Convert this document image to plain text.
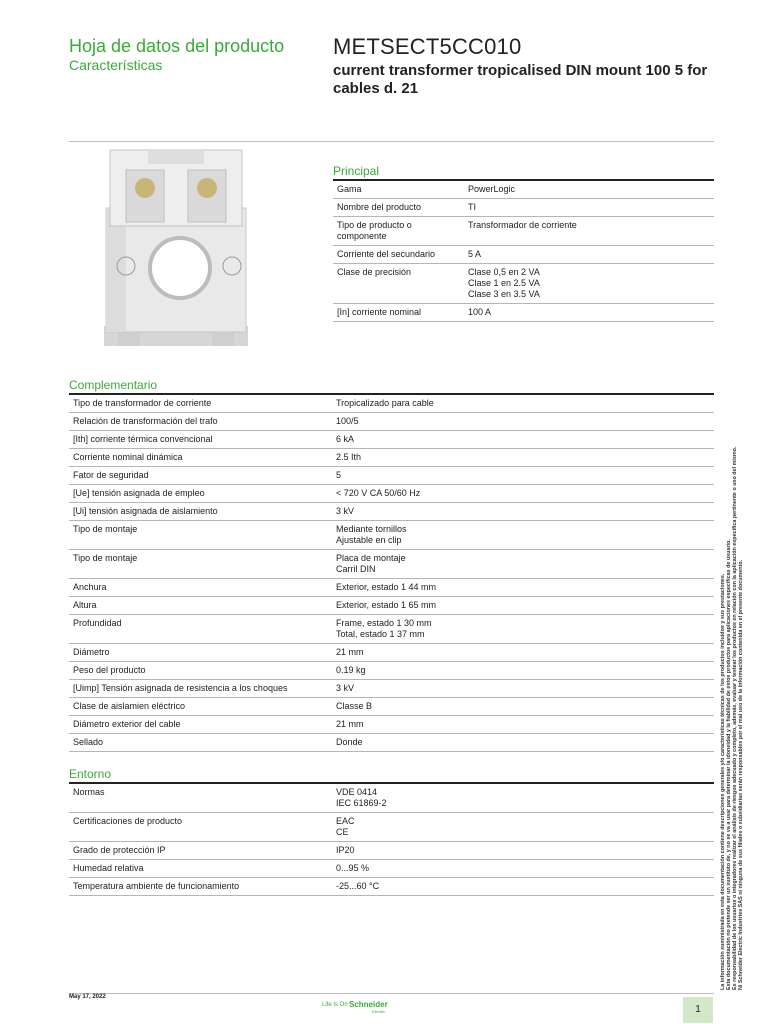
Hoja de datos del producto
Características
METSECT5CC010
current transformer tropicalised DIN mount 100 5 for cables d. 21
Principal
Gama	PowerLogic

Nombre del producto	TI

Tipo de producto o componente	Transformador de corriente

Corriente del secundario	5 A

Clase de precisión	Clase 0,5 en 2 VA
Clase 1 en 2.5 VA
Clase 3 en 3.5 VA

[In] corriente nominal	100 A
Complementario
Tipo de transformador de corriente	Tropicalizado para cable

Relación de transformación del trafo	100/5

[Ith] corriente térmica convencional	6 kA

Corriente nominal dinámica	2.5 Ith

Fator de seguridad	5

[Ue] tensión asignada de empleo	< 720 V CA 50/60 Hz

[Ui] tensión asignada de aislamiento	3 kV

Tipo de montaje	Mediante tornillos
Ajustable en clip

Tipo de montaje	Placa de montaje
Carril DIN

Anchura	Exterior, estado 1 44 mm

Altura	Exterior, estado 1 65 mm

Profundidad	Frame, estado 1 30 mm
Total, estado 1 37 mm

Diámetro	21 mm

Peso del producto	0.19 kg

[Uimp] Tensión asignada de resistencia a los choques	3 kV

Clase de aislamien eléctrico	Classe B

Diámetro exterior del cable	21 mm

Sellado	Donde
Entorno
Normas	VDE 0414
IEC 61869-2

Certificaciones de producto	EAC
CE

Grado de protección IP	IP20

Humedad relativa	0...95 %

Temperatura ambiente de funcionamiento	-25...60 °C	La información suministrada en esta documentación contiene descripciones generales y/o características técnicas de los productos incluidos y sus prestaciones. Esta documentación no pretende ser un sustituto de, y no se va a usar para determinar la idoneidad y la fiabilidad de estos productos para aplicaciones específicas de usuario. Es responsabilidad de los usuarios o integradores realizar el análisis de riesgos adecuado y completo, además, evaluar y testear los productos en relación con la aplicación específica pertinente o uso del mismo. Ni Schneider Electric Industries SAS ni ninguna de sus filiales o subsidiarias serán responsables por el mal uso de la información contenida en el presente documento.
May 17, 2022
Life Is On Schneider
Electric	1
